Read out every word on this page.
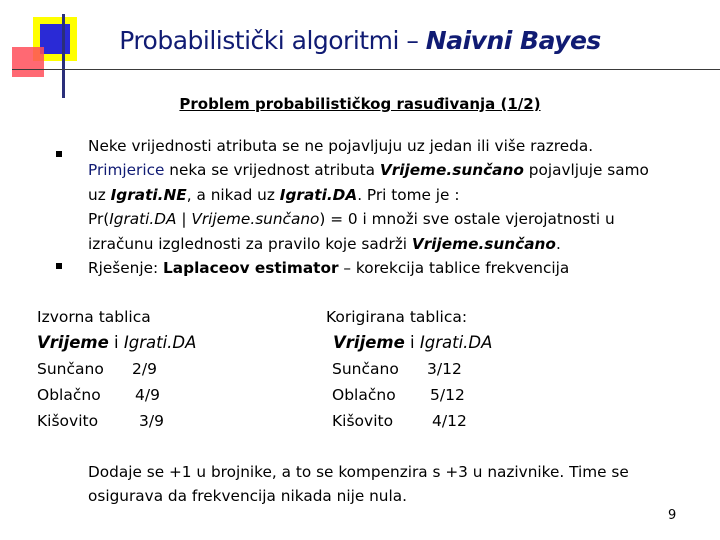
Probabilistički algoritmi – Naivni Bayes
Problem probabilističkog rasuđivanja (1/2)
Neke vrijednosti atributa se ne pojavljuju uz jedan ili više razreda.
Primjerice neka se vrijednost atributa Vrijeme.sunčano pojavljuje samo
uz Igrati.NE, a nikad uz Igrati.DA. Pri tome je :
Pr(Igrati.DA | Vrijeme.sunčano) = 0 i množi sve ostale vjerojatnosti u
izračunu izglednosti za pravilo koje sadrži Vrijeme.sunčano.
Rješenje: Laplaceov estimator – korekcija tablice frekvencija
Izvorna tablica
Vrijeme i Igrati.DA
Sunčano 2/9
Oblačno 4/9
Kišovito	3/9
Korigirana tablica:
Vrijeme i Igrati.DA
Sunčano 3/12
Oblačno 5/12
Kišovito	4/12
Dodaje se +1 u brojnike, a to se kompenzira s +3 u nazivnike. Time se osigurava da frekvencija nikada nije nula.
9
